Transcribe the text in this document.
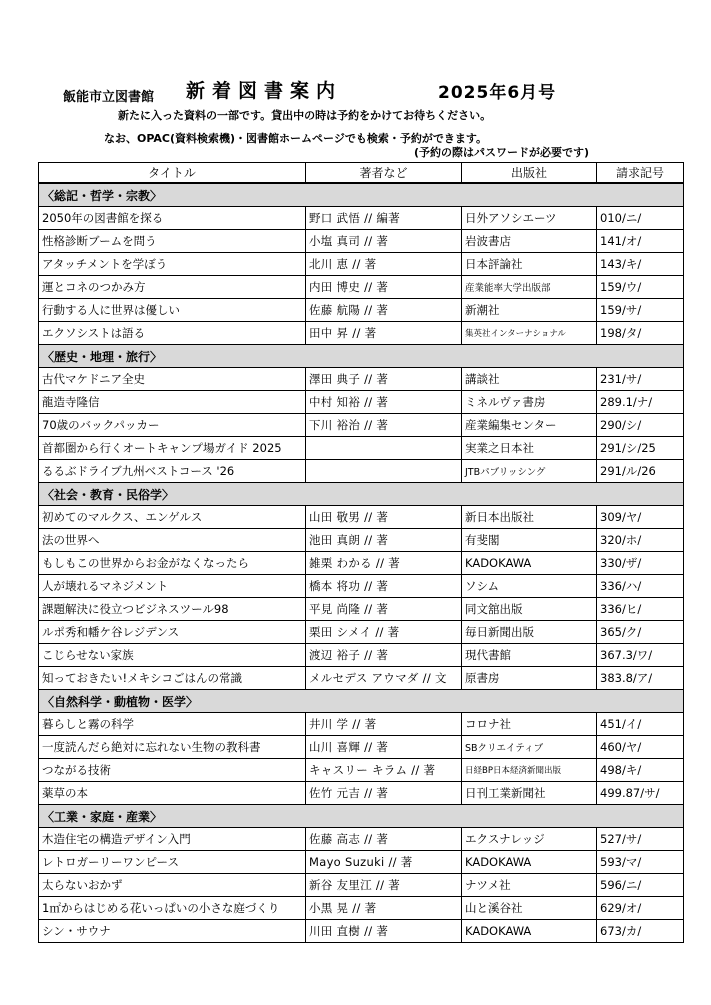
飯能市立図書館 新着図書案内	2025年6月号
新たに入った資料の一部です。貸出中の時は予約をかけてお待ちください。
なお、OPAC(資料検索機)・図書館ホームページでも検索・予約ができます。
(予約の際はパスワードが必要です)
タイトル	著者など	出版社	請求記号
〈総記・哲学・宗教〉			
2050年の図書館を探る	野口 武悟 // 編著	日外アソシエーツ	010/ニ/
性格診断ブームを問う	小塩 真司 // 著	岩波書店	141/オ/
アタッチメントを学ぼう	北川 恵 // 著	日本評論社	143/キ/
運とコネのつかみ方	内田 博史 // 著	産業能率大学出版部	159/ウ/
行動する人に世界は優しい	佐藤 航陽 // 著	新潮社	159/サ/
エクソシストは語る	田中 昇 // 著	集英社インターナショナル	198/タ/
〈歴史・地理・旅行〉			
古代マケドニア全史	澤田 典子 // 著	講談社	231/サ/
龍造寺隆信	中村 知裕 // 著	ミネルヴァ書房	289.1/ナ/
70歳のバックパッカー	下川 裕治 // 著	産業編集センター	290/シ/
首都圏から行くオートキャンプ場ガイド 2025		実業之日本社	291/シ/25
るるぶドライブ九州ベストコース '26		JTBパブリッシング	291/ル/26
〈社会・教育・民俗学〉			
初めてのマルクス、エンゲルス	山田 敬男 // 著	新日本出版社	309/ヤ/
法の世界へ	池田 真朗 // 著	有斐閣	320/ホ/
もしもこの世界からお金がなくなったら	雑栗 わかる // 著	KADOKAWA	330/ザ/
人が壊れるマネジメント	橋本 将功 // 著	ソシム	336/ハ/
課題解決に役立つビジネスツール98	平見 尚隆 // 著	同文舘出版	336/ヒ/
ルポ秀和幡ケ谷レジデンス	栗田 シメイ // 著	毎日新聞出版	365/ク/
こじらせない家族	渡辺 裕子 // 著	現代書館	367.3/ワ/
知っておきたい!メキシコごはんの常識	メルセデス アウマダ // 文	原書房	383.8/ア/
〈自然科学・動植物・医学〉			
暮らしと霧の科学	井川 学 // 著	コロナ社	451/イ/
一度読んだら絶対に忘れない生物の教科書	山川 喜輝 // 著	SBクリエイティブ	460/ヤ/
つながる技術	キャスリー キラム // 著	日経BP日本経済新聞出版	498/キ/
薬草の本	佐竹 元吉 // 著	日刊工業新聞社	499.87/サ/
〈工業・家庭・産業〉			
木造住宅の構造デザイン入門	佐藤 高志 // 著	エクスナレッジ	527/サ/
レトロガーリーワンピース	Mayo Suzuki // 著	KADOKAWA	593/マ/
太らないおかず	新谷 友里江 // 著	ナツメ社	596/ニ/
1㎡からはじめる花いっぱいの小さな庭づくり	小黒 晃 // 著	山と溪谷社	629/オ/
シン・サウナ	川田 直樹 // 著	KADOKAWA	673/カ/
